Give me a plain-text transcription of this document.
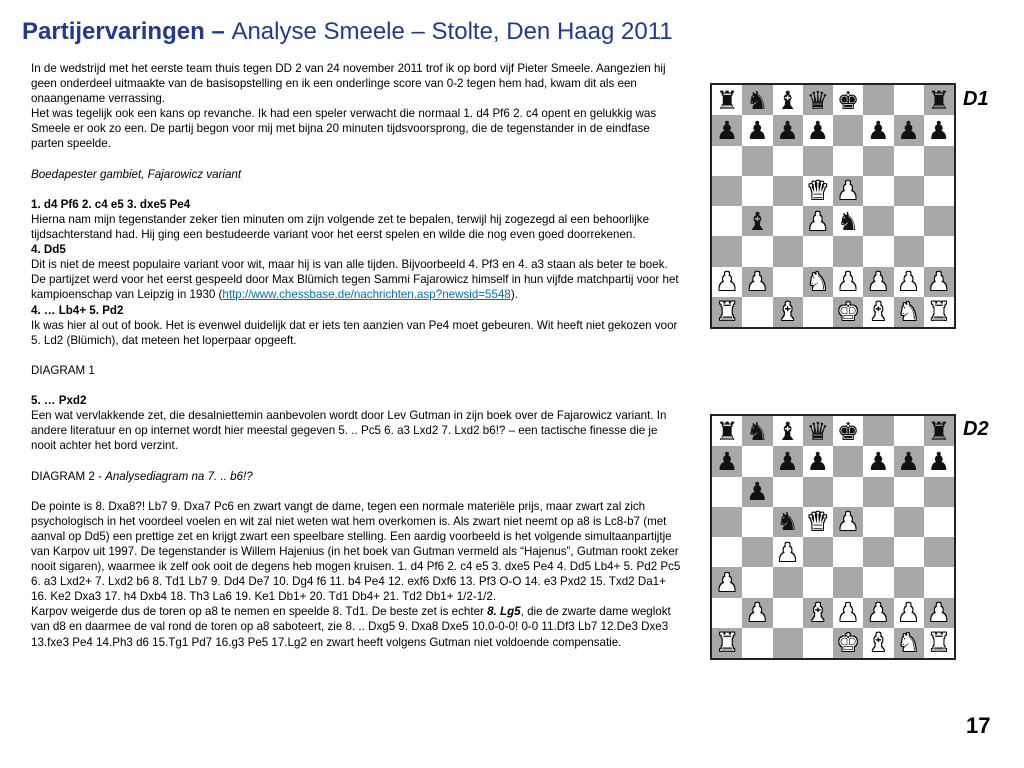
Partijervaringen – Analyse Smeele – Stolte, Den Haag 2011

In de wedstrijd met het eerste team thuis tegen DD 2 van 24 november 2011 trof ik op bord vijf Pieter Smeele. Aangezien hij geen onderdeel uitmaakte van de basisopstelling en ik een onderlinge score van 0-2 tegen hem had, kwam dit als een onaangename verrassing.

Het was tegelijk ook een kans op revanche. Ik had een speler verwacht die normaal 1. d4 Pf6 2. c4 opent en gelukkig was Smeele er ook zo een. De partij begon voor mij met bijna 20 minuten tijdsvoorsprong, die de tegenstander in de eindfase parten speelde.

Boedapester gambiet, Fajarowicz variant

1. d4 Pf6 2. c4 e5 3. dxe5 Pe4

Hierna nam mijn tegenstander zeker tien minuten om zijn volgende zet te bepalen, terwijl hij zogezegd al een behoorlijke tijdsachterstand had. Hij ging een bestudeerde variant voor het eerst spelen en wilde die nog even goed doorrekenen.

4. Dd5

Dit is niet de meest populaire variant voor wit, maar hij is van alle tijden. Bijvoorbeeld 4. Pf3 en 4. a3 staan als beter te boek. De partijzet werd voor het eerst gespeeld door Max Blümich tegen Sammi Fajarowicz himself in hun vijfde matchpartij voor het kampioenschap van Leipzig in 1930 (http://www.chessbase.de/nachrichten.asp?newsid=5548).

4. … Lb4+ 5. Pd2

Ik was hier al out of book. Het is evenwel duidelijk dat er iets ten aanzien van Pe4 moet gebeuren. Wit heeft niet gekozen voor 5. Ld2 (Blümich), dat meteen het loperpaar opgeeft.

DIAGRAM 1

5. … Pxd2

Een wat vervlakkende zet, die desalniettemin aanbevolen wordt door Lev Gutman in zijn boek over de Fajarowicz variant. In andere literatuur en op internet wordt hier meestal gegeven 5. .. Pc5 6. a3 Lxd2 7. Lxd2 b6!? – een tactische finesse die je nooit achter het bord verzint.

DIAGRAM 2 - Analysediagram na 7. .. b6!?

De pointe is 8. Dxa8?! Lb7 9. Dxa7 Pc6 en zwart vangt de dame, tegen een normale materiële prijs, maar zwart zal zich psychologisch in het voordeel voelen en wit zal niet weten wat hem overkomen is. Als zwart niet neemt op a8 is Lc8-b7 (met aanval op Dd5) een prettige zet en krijgt zwart een speelbare stelling. Een aardig voorbeeld is het volgende simultaanpartijtje van Karpov uit 1997. De tegenstander is Willem Hajenius (in het boek van Gutman vermeld als “Hajenus”, Gutman rookt zeker nooit sigaren), waarmee ik zelf ook ooit de degens heb mogen kruisen. 1. d4 Pf6 2. c4 e5 3. dxe5 Pe4 4. Dd5 Lb4+ 5. Pd2 Pc5 6. a3 Lxd2+ 7. Lxd2 b6 8. Td1 Lb7 9. Dd4 De7 10. Dg4 f6 11. b4 Pe4 12. exf6 Dxf6 13. Pf3 O-O 14. e3 Pxd2 15. Txd2 Da1+ 16. Ke2 Dxa3 17. h4 Dxb4 18. Th3 La6 19. Ke1 Db1+ 20. Td1 Db4+ 21. Td2 Db1+ 1/2-1/2.

Karpov weigerde dus de toren op a8 te nemen en speelde 8. Td1. De beste zet is echter 8. Lg5, die de zwarte dame weglokt van d8 en daarmee de val rond de toren op a8 saboteert, zie 8. .. Dxg5 9. Dxa8 Dxe5 10.0-0-0! 0-0 11.Df3 Lb7 12.De3 Dxe3 13.fxe3 Pe4 14.Ph3 d6 15.Tg1 Pd7 16.g3 Pe5 17.Lg2 en zwart heeft volgens Gutman niet voldoende compensatie.

♜ ♞ ♝ ♛ ♚	♜
♟ ♟ ♟ ♟ ♟ ♟ ♟
♛ ♟
♝ ♟ ♞
♟ ♟ ♞ ♟ ♟ ♟ ♟
♜ ♝ ♚ ♝ ♞ ♜
D1
♜ ♞ ♝ ♛ ♚	♜
♟ ♟ ♟ ♟ ♟ ♟
♟
♞ ♛ ♟
♟
♟
♟ ♝ ♟ ♟ ♟ ♟
♜	♚ ♝ ♞ ♜
D2
17
